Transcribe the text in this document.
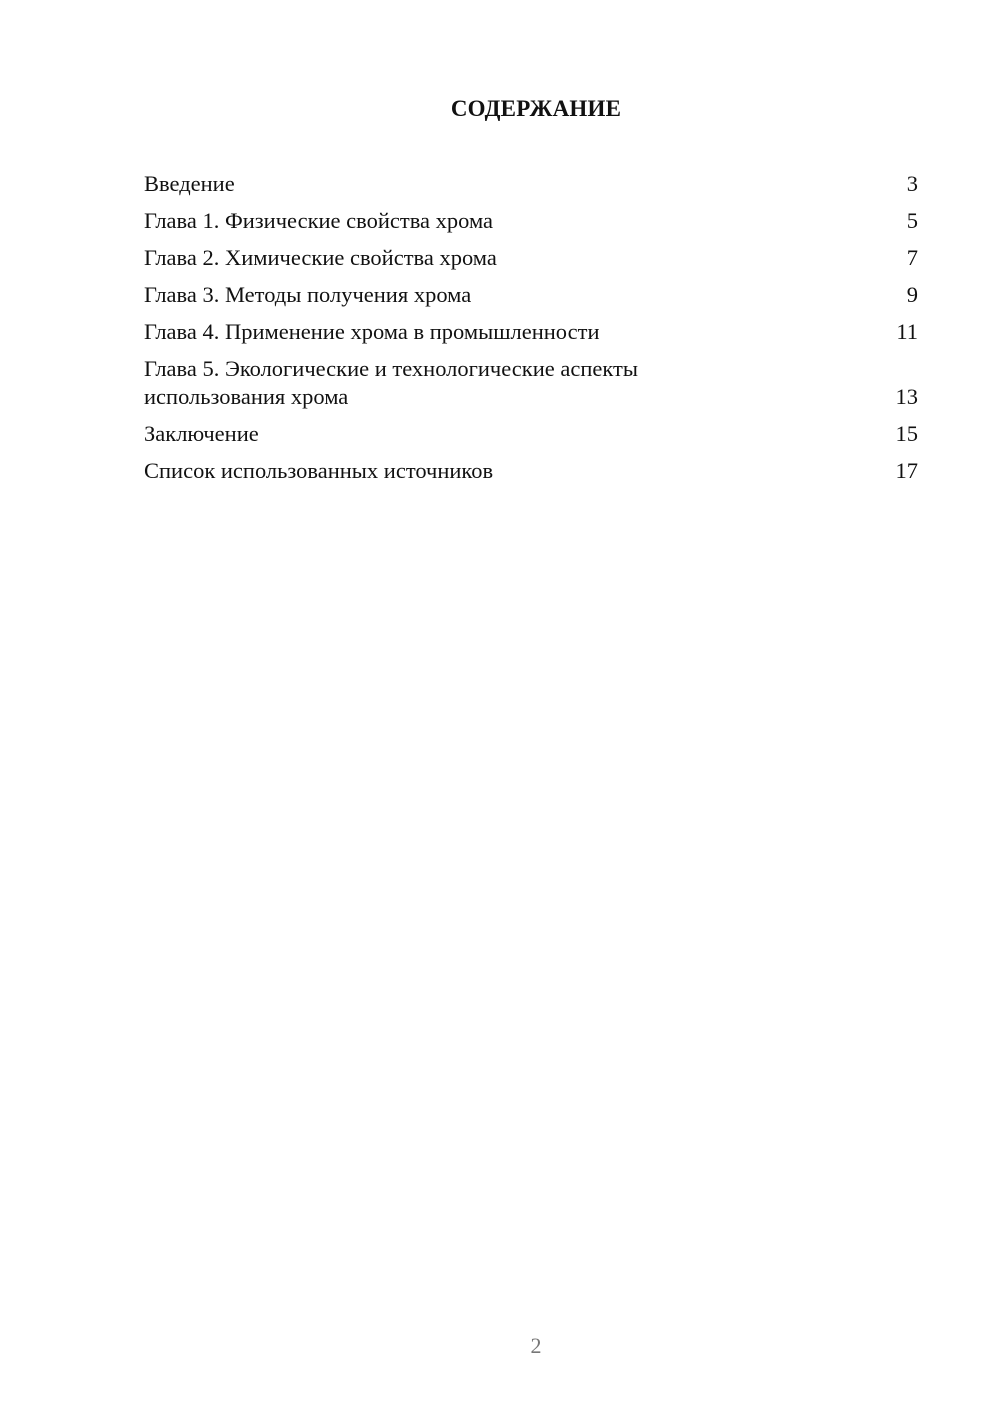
СОДЕРЖАНИЕ
Введение	3
Глава 1. Физические свойства хрома	5
Глава 2. Химические свойства хрома	7
Глава 3. Методы получения хрома	9
Глава 4. Применение хрома в промышленности	11
Глава 5. Экологические и технологические аспекты использования хрома	13
Заключение	15
Список использованных источников	17
2
